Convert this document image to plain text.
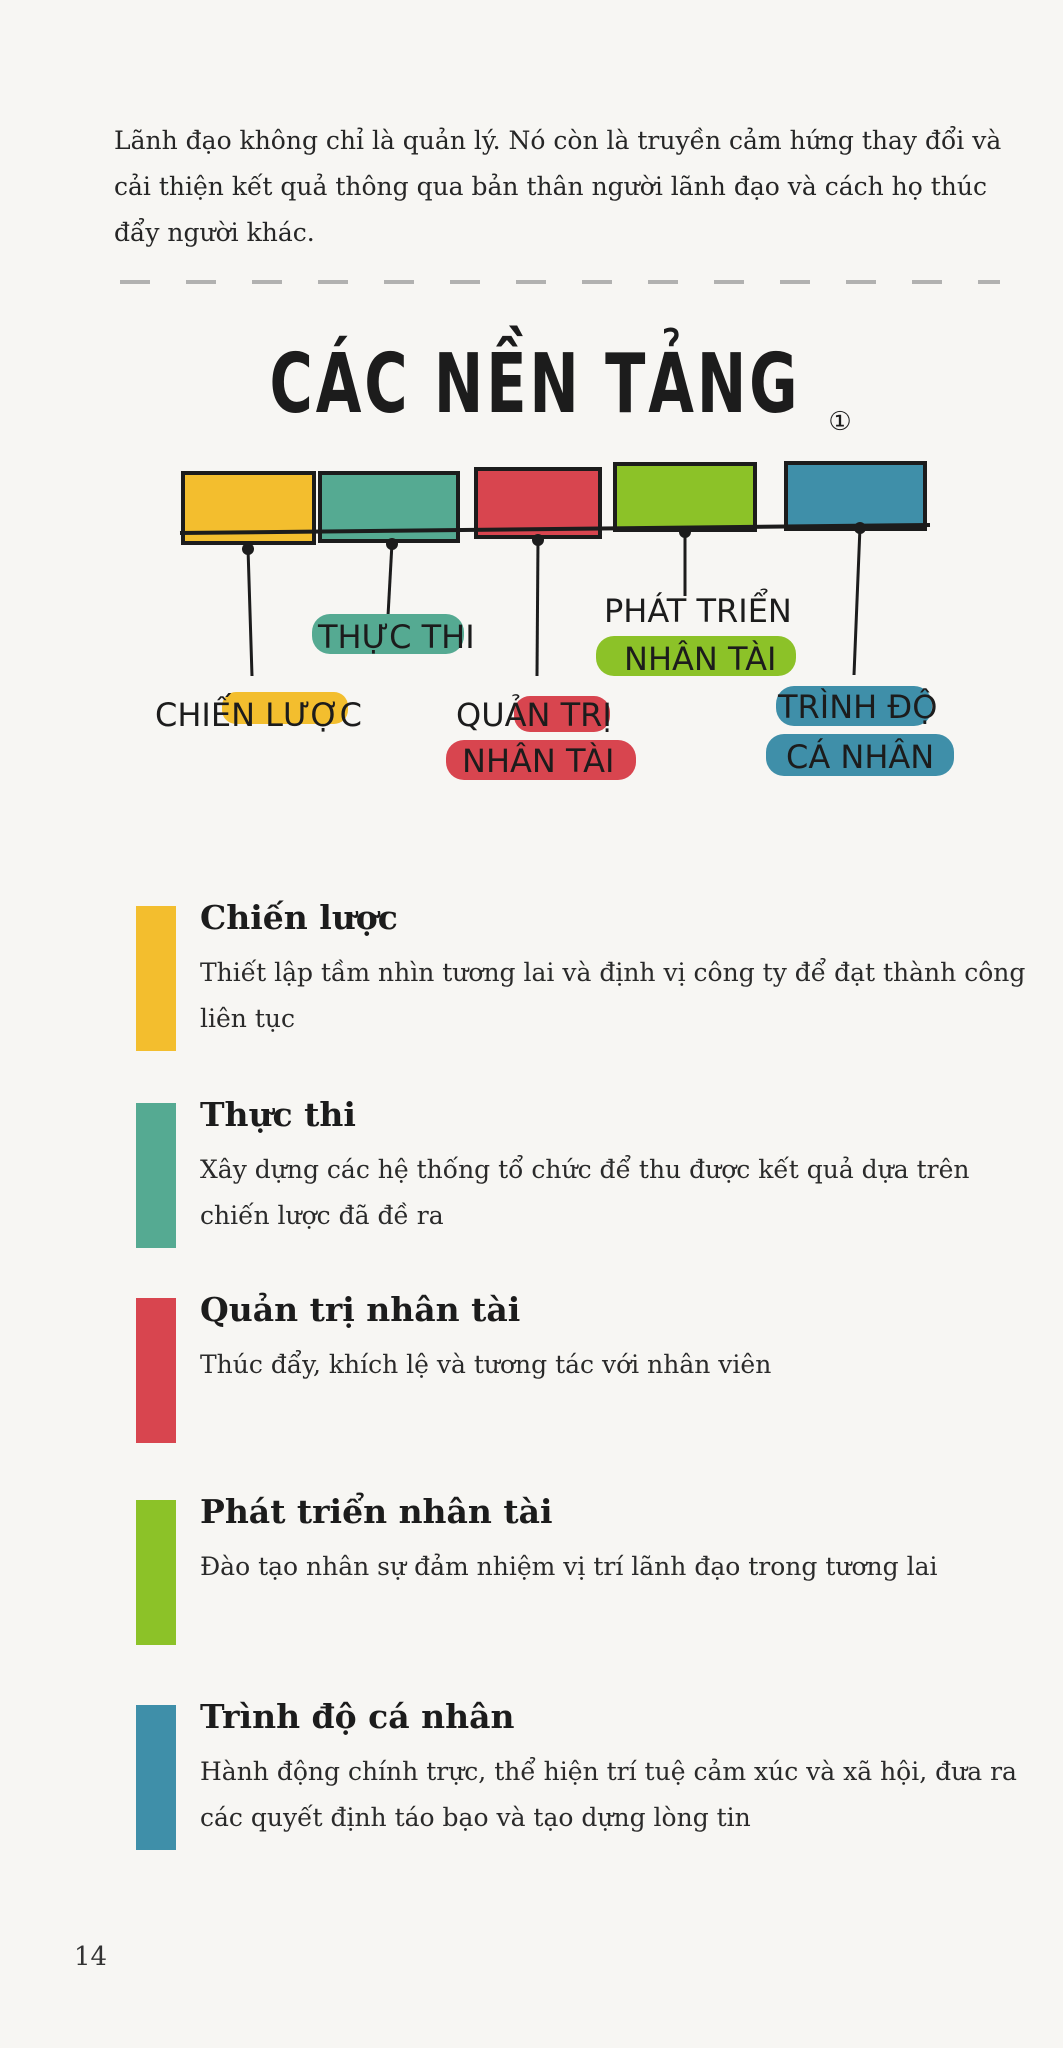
Lãnh đạo không chỉ là quản lý. Nó còn là truyền cảm hứng thay đổi và cải thiện kết quả thông qua bản thân người lãnh đạo và cách họ thúc đẩy người khác.
CÁC NỀN TẢNG ①
CHIẾN LƯỢC
THỰC THI
QUẢN TRỊ
NHÂN TÀI
PHÁT TRIỂN
NHÂN TÀI
TRÌNH ĐỘ
CÁ NHÂN
Chiến lược
Thiết lập tầm nhìn tương lai và định vị công ty để đạt thành công liên tục
Thực thi
Xây dựng các hệ thống tổ chức để thu được kết quả dựa trên chiến lược đã đề ra
Quản trị nhân tài
Thúc đẩy, khích lệ và tương tác với nhân viên
Phát triển nhân tài
Đào tạo nhân sự đảm nhiệm vị trí lãnh đạo trong tương lai
Trình độ cá nhân
Hành động chính trực, thể hiện trí tuệ cảm xúc và xã hội, đưa ra các quyết định táo bạo và tạo dựng lòng tin
14
